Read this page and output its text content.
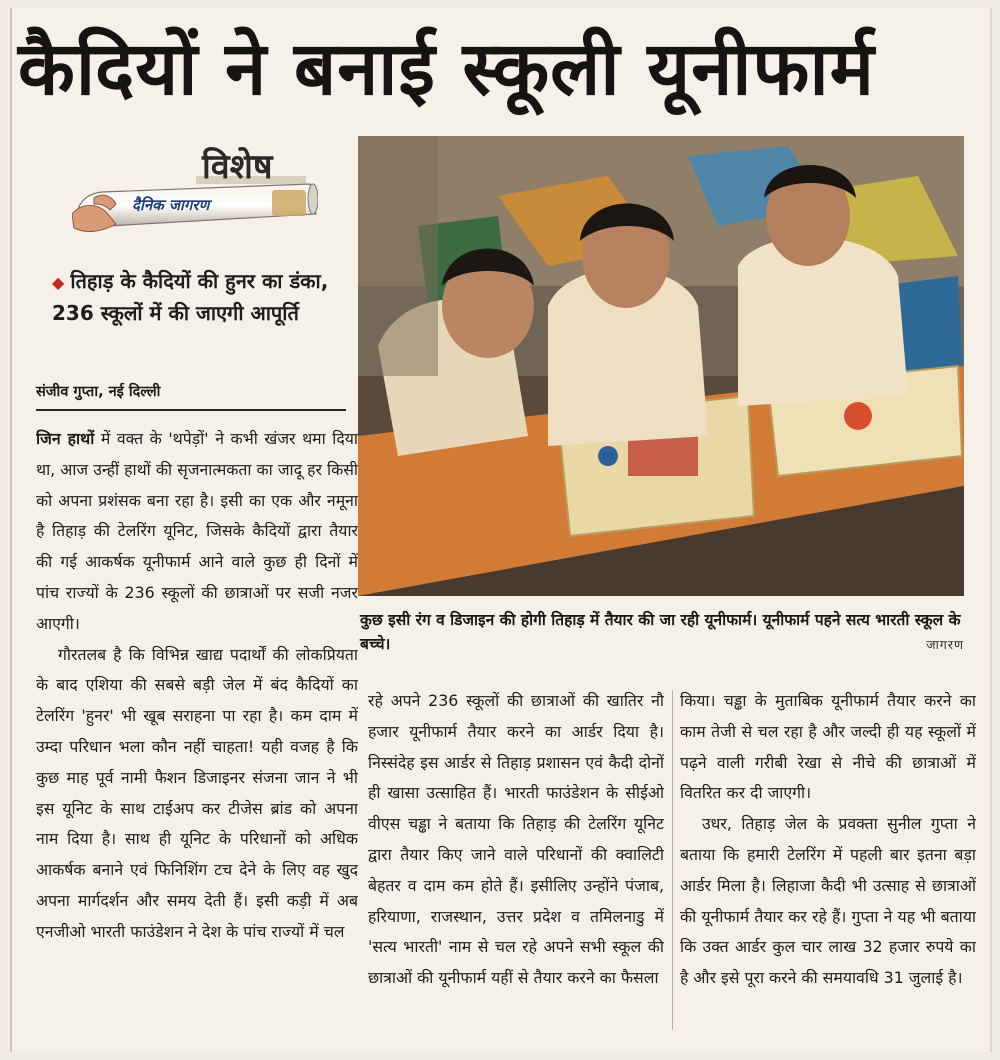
कैदियों ने बनाई स्कूली यूनीफार्म
विशेष
दैनिक जागरण
◆ तिहाड़ के कैदियों की हुनर का डंका, 236 स्कूलों में की जाएगी आपूर्ति
संजीव गुप्ता, नई दिल्ली

जिन हाथों में वक्त के 'थपेड़ों' ने कभी खंजर थमा दिया था, आज उन्हीं हाथों की सृजनात्मकता का जादू हर किसी को अपना प्रशंसक बना रहा है। इसी का एक और नमूना है तिहाड़ की टेलरिंग यूनिट, जिसके कैदियों द्वारा तैयार की गई आकर्षक यूनीफार्म आने वाले कुछ ही दिनों में पांच राज्यों के 236 स्कूलों की छात्राओं पर सजी नजर आएगी।

गौरतलब है कि विभिन्न खाद्य पदार्थों की लोकप्रियता के बाद एशिया की सबसे बड़ी जेल में बंद कैदियों का टेलरिंग 'हुनर' भी खूब सराहना पा रहा है। कम दाम में उम्दा परिधान भला कौन नहीं चाहता! यही वजह है कि कुछ माह पूर्व नामी फैशन डिजाइनर संजना जान ने भी इस यूनिट के साथ टाईअप कर टीजेस ब्रांड को अपना नाम दिया है। साथ ही यूनिट के परिधानों को अधिक आकर्षक बनाने एवं फिनिशिंग टच देने के लिए वह खुद अपना मार्गदर्शन और समय देती हैं। इसी कड़ी में अब एनजीओ भारती फाउंडेशन ने देश के पांच राज्यों में चल

कुछ इसी रंग व डिजाइन की होगी तिहाड़ में तैयार की जा रही यूनीफार्म। यूनीफार्म पहने सत्य भारती स्कूल के बच्चे।	जागरण

रहे अपने 236 स्कूलों की छात्राओं की खातिर नौ हजार यूनीफार्म तैयार करने का आर्डर दिया है। निस्संदेह इस आर्डर से तिहाड़ प्रशासन एवं कैदी दोनों ही खासा उत्साहित हैं। भारती फाउंडेशन के सीईओ वीएस चड्ढा ने बताया कि तिहाड़ की टेलरिंग यूनिट द्वारा तैयार किए जाने वाले परिधानों की क्वालिटी बेहतर व दाम कम होते हैं। इसीलिए उन्होंने पंजाब, हरियाणा, राजस्थान, उत्तर प्रदेश व तमिलनाडु में 'सत्य भारती' नाम से चल रहे अपने सभी स्कूल की छात्राओं की यूनीफार्म यहीं से तैयार करने का फैसला

किया। चड्ढा के मुताबिक यूनीफार्म तैयार करने का काम तेजी से चल रहा है और जल्दी ही यह स्कूलों में पढ़ने वाली गरीबी रेखा से नीचे की छात्राओं में वितरित कर दी जाएगी।

उधर, तिहाड़ जेल के प्रवक्ता सुनील गुप्ता ने बताया कि हमारी टेलरिंग में पहली बार इतना बड़ा आर्डर मिला है। लिहाजा कैदी भी उत्साह से छात्राओं की यूनीफार्म तैयार कर रहे हैं। गुप्ता ने यह भी बताया कि उक्त आर्डर कुल चार लाख 32 हजार रुपये का है और इसे पूरा करने की समयावधि 31 जुलाई है।
